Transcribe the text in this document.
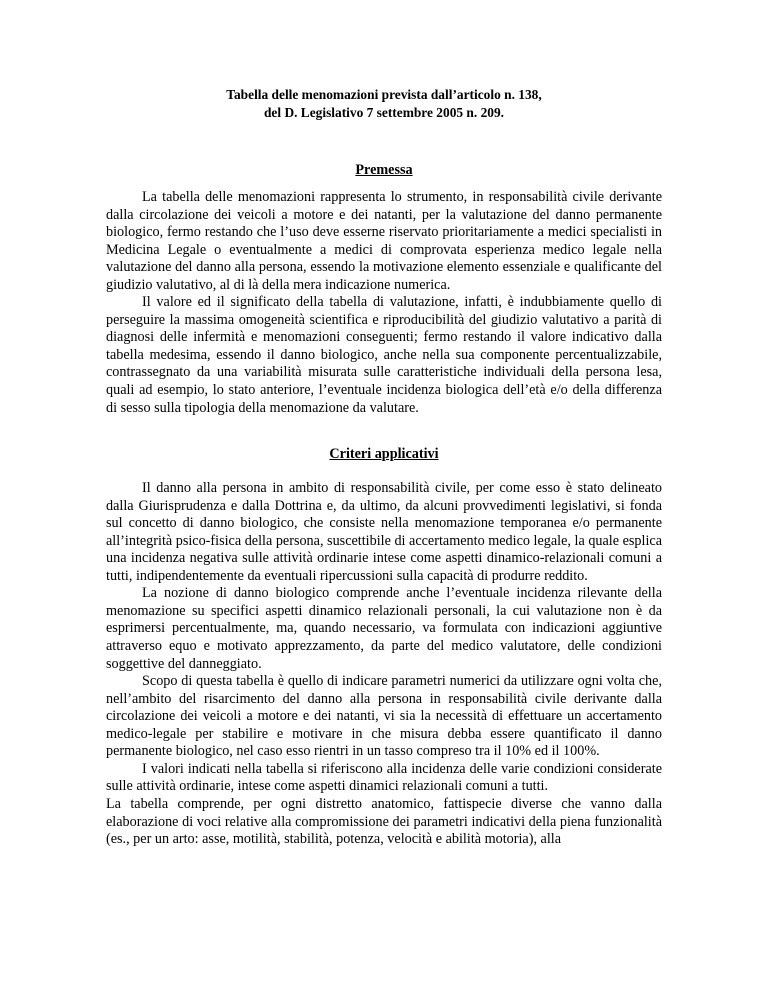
Tabella delle menomazioni prevista dall’articolo n. 138,

del D. Legislativo 7 settembre 2005 n. 209.

Premessa

La tabella delle menomazioni rappresenta lo strumento, in responsabilità civile derivante dalla circolazione dei veicoli a motore e dei natanti, per la valutazione del danno permanente biologico, fermo restando che l’uso deve esserne riservato prioritariamente a medici specialisti in Medicina Legale o eventualmente a medici di comprovata esperienza medico legale nella valutazione del danno alla persona, essendo la motivazione elemento essenziale e qualificante del giudizio valutativo, al di là della mera indicazione numerica.

Il valore ed il significato della tabella di valutazione, infatti, è indubbiamente quello di perseguire la massima omogeneità scientifica e riproducibilità del giudizio valutativo a parità di diagnosi delle infermità e menomazioni conseguenti; fermo restando il valore indicativo dalla tabella medesima, essendo il danno biologico, anche nella sua componente percentualizzabile, contrassegnato da una variabilità misurata sulle caratteristiche individuali della persona lesa, quali ad esempio, lo stato anteriore, l’eventuale incidenza biologica dell’età e/o della differenza di sesso sulla tipologia della menomazione da valutare.

Criteri applicativi

Il danno alla persona in ambito di responsabilità civile, per come esso è stato delineato dalla Giurisprudenza e dalla Dottrina e, da ultimo, da alcuni provvedimenti legislativi, si fonda sul concetto di danno biologico, che consiste nella menomazione temporanea e/o permanente all’integrità psico-fisica della persona, suscettibile di accertamento medico legale, la quale esplica una incidenza negativa sulle attività ordinarie intese come aspetti dinamico-relazionali comuni a tutti, indipendentemente da eventuali ripercussioni sulla capacità di produrre reddito.

La nozione di danno biologico comprende anche l’eventuale incidenza rilevante della menomazione su specifici aspetti dinamico relazionali personali, la cui valutazione non è da esprimersi percentualmente, ma, quando necessario, va formulata con indicazioni aggiuntive attraverso equo e motivato apprezzamento, da parte del medico valutatore, delle condizioni soggettive del danneggiato.

Scopo di questa tabella è quello di indicare parametri numerici da utilizzare ogni volta che, nell’ambito del risarcimento del danno alla persona in responsabilità civile derivante dalla circolazione dei veicoli a motore e dei natanti, vi sia la necessità di effettuare un accertamento medico-legale per stabilire e motivare in che misura debba essere quantificato il danno permanente biologico, nel caso esso rientri in un tasso compreso tra il 10% ed il 100%.

I valori indicati nella tabella si riferiscono alla incidenza delle varie condizioni considerate sulle attività ordinarie, intese come aspetti dinamici relazionali comuni a tutti.

La tabella comprende, per ogni distretto anatomico, fattispecie diverse che vanno dalla elaborazione di voci relative alla compromissione dei parametri indicativi della piena funzionalità (es., per un arto: asse, motilità, stabilità, potenza, velocità e abilità motoria), alla
